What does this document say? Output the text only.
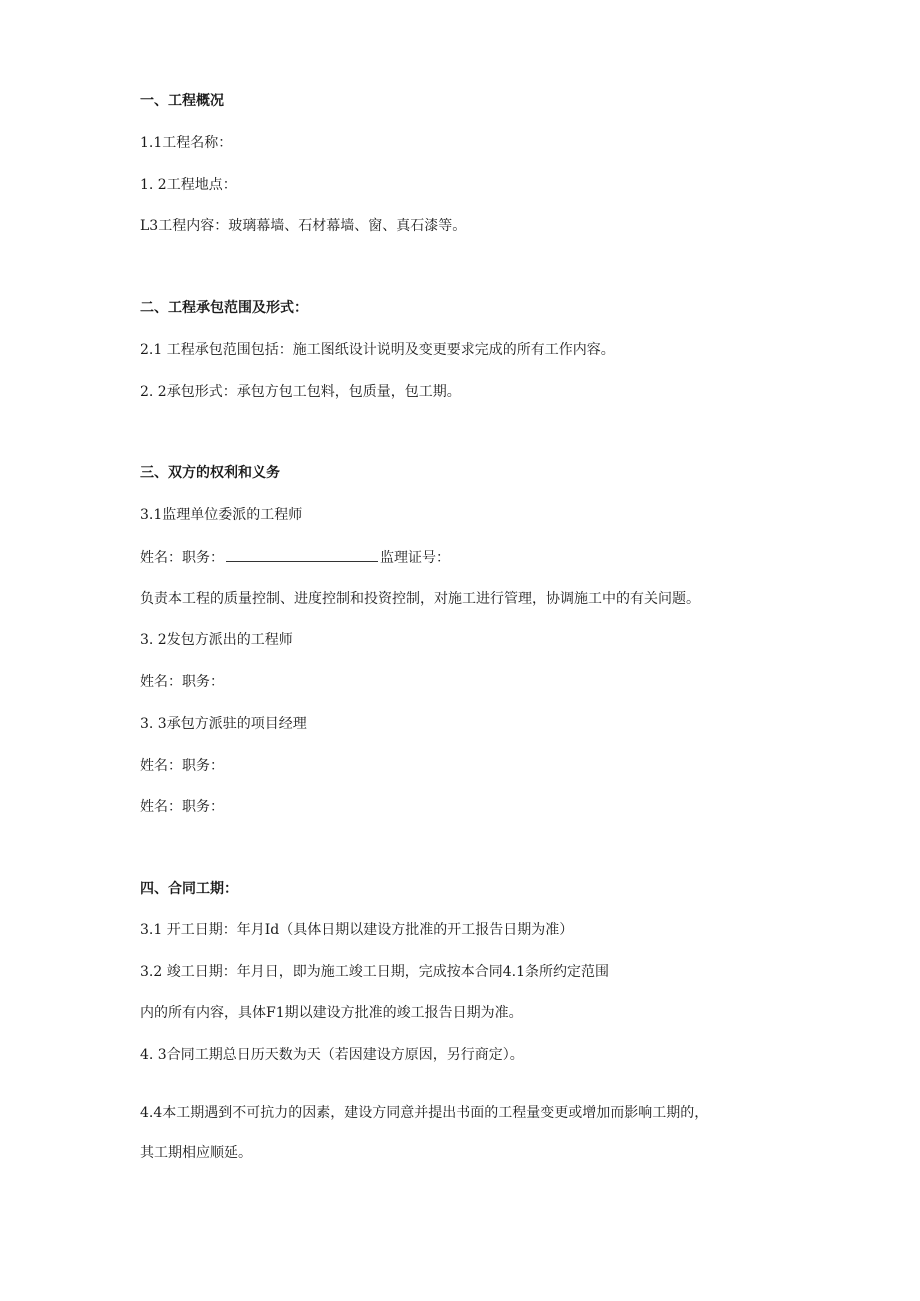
一、工程概况
1.1工程名称：
1. 2工程地点：
L3工程内容：玻璃幕墙、石材幕墙、窗、真石漆等。
二、工程承包范围及形式：
2.1 工程承包范围包括：施工图纸设计说明及变更要求完成的所有工作内容。
2. 2承包形式：承包方包工包料，包质量，包工期。
三、双方的权利和义务
3.1监理单位委派的工程师
姓名：职务：	监理证号：
负责本工程的质量控制、进度控制和投资控制，对施工进行管理，协调施工中的有关问题。
3. 2发包方派出的工程师
姓名：职务：
3. 3承包方派驻的项目经理
姓名：职务：
姓名：职务：
四、合同工期：
3.1 开工日期：年月Id（具体日期以建设方批准的开工报告日期为准）
3.2 竣工日期：年月日，即为施工竣工日期，完成按本合同4.1条所约定范围
内的所有内容，具体F1期以建设方批准的竣工报告日期为准。
4. 3合同工期总日历天数为天（若因建设方原因，另行商定）。
4.4本工期遇到不可抗力的因素，建设方同意并提出书面的工程量变更或增加而影响工期的，
其工期相应顺延。
